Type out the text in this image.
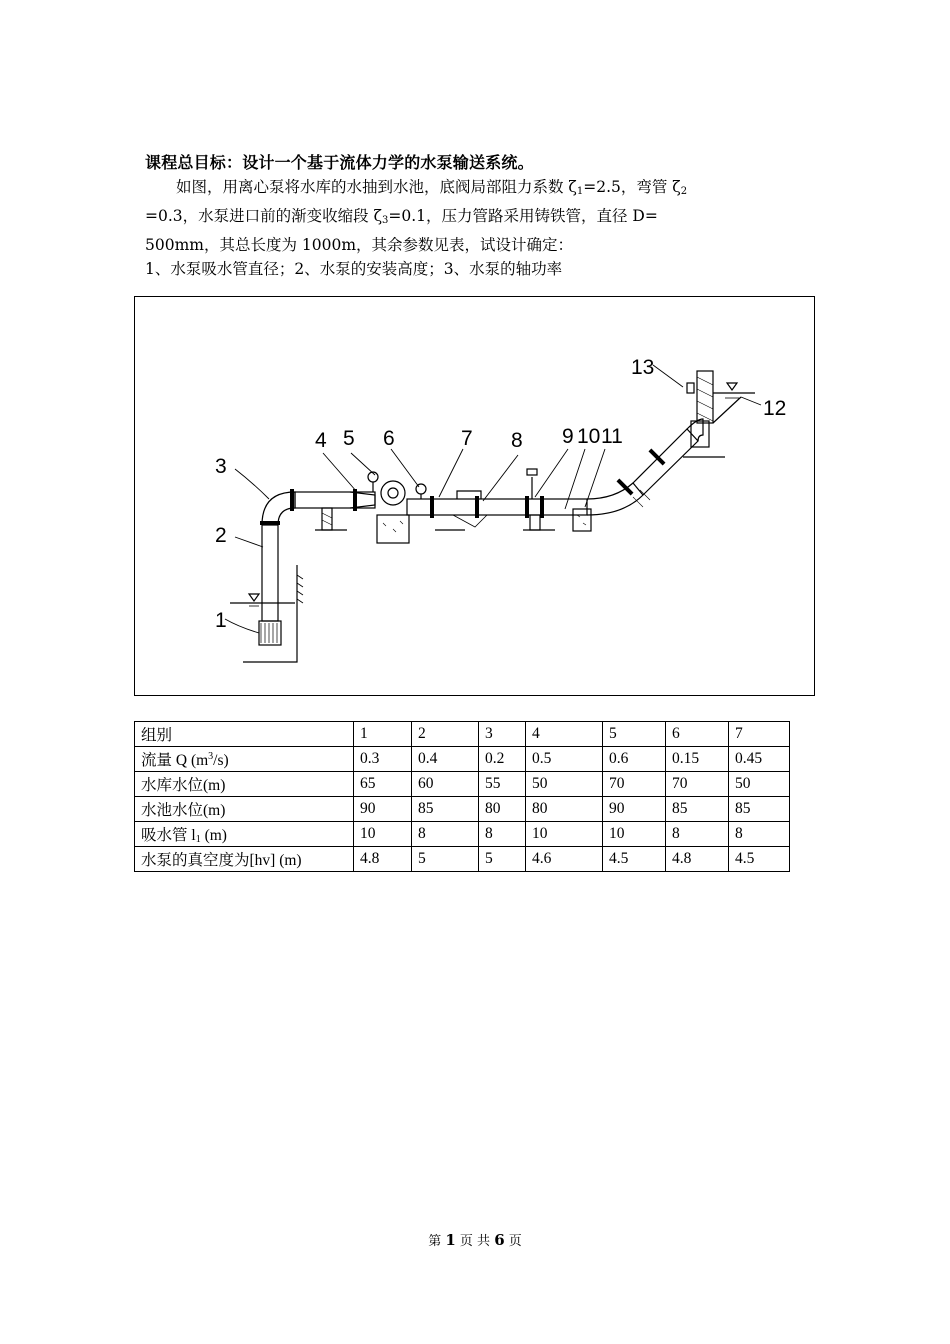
课程总目标：设计一个基于流体力学的水泵输送系统。

如图，用离心泵将水库的水抽到水池，底阀局部阻力系数 $\zeta_1=2.5$，弯管 $\zeta_2$

=0.3，水泵进口前的渐变收缩段 $\zeta_3=0.1$，压力管路采用铸铁管，直径 D=

500mm，其总长度为 1000m，其余参数见表，试设计确定：

1、水泵吸水管直径；2、水泵的安装高度；3、水泵的轴功率

1
2
3
4 5 6	7 8 9 10 11
12
13
组别	1	2	3	4	5	6	7
流量 Q $(m^3/s)$	0.3	0.4	0.2	0.5	0.6	0.15	0.45
水库水位(m)	65	60	55	50	70	70	50
水池水位(m)	90	85	80	80	90	85	85
吸水管 $l_1$ (m)	10	8	8	10	10	8	8
水泵的真空度为[hv] (m)	4.8	5	5	4.6	4.5	4.8	4.5
第 1 页 共 6 页
